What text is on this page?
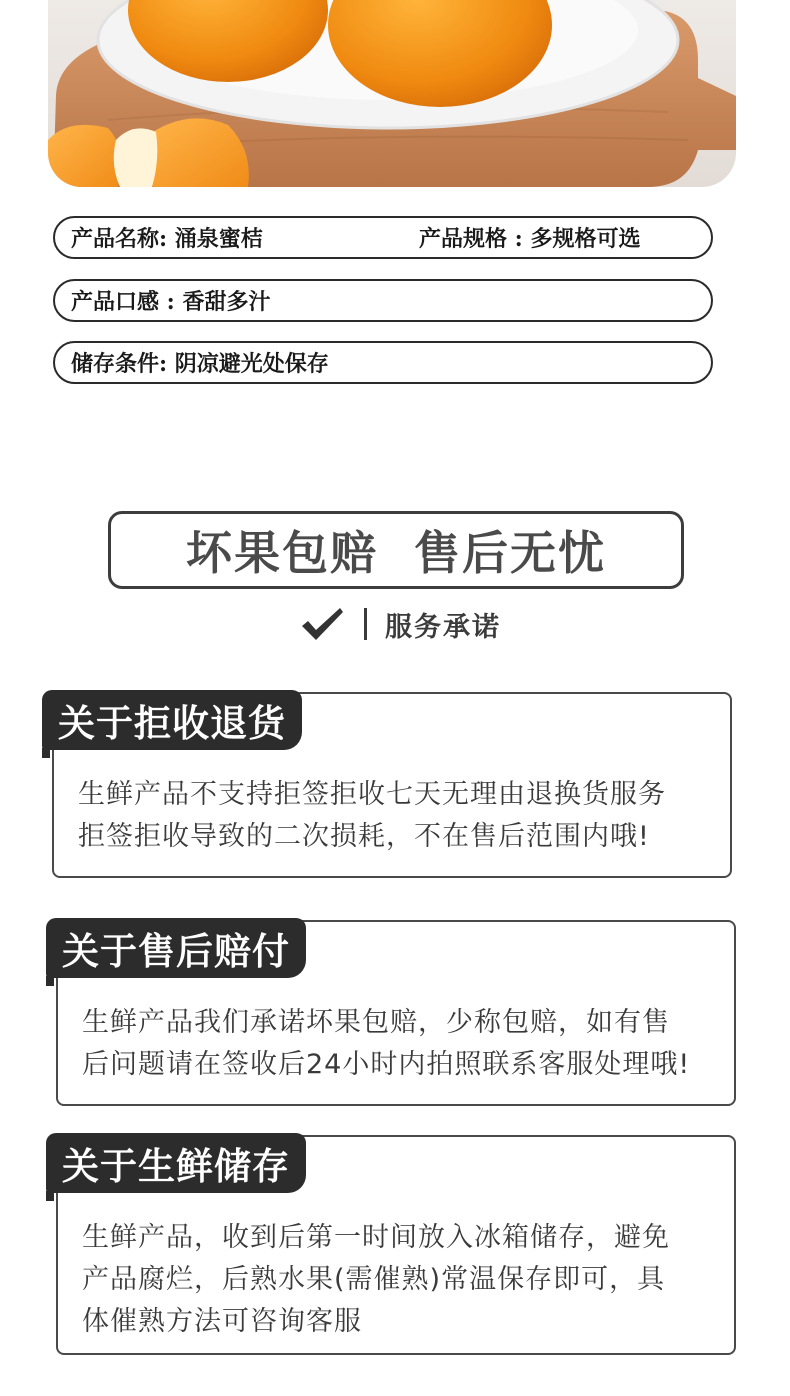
产品名称: 涌泉蜜桔	产品规格 : 多规格可选
产品口感 : 香甜多汁
储存条件: 阴凉避光处保存
坏果包赔  售后无忧
服务承诺
关于拒收退货
生鲜产品不支持拒签拒收七天无理由退换货服务
拒签拒收导致的二次损耗，不在售后范围内哦!
关于售后赔付
生鲜产品我们承诺坏果包赔，少称包赔，如有售
后问题请在签收后24小时内拍照联系客服处理哦!
关于生鲜储存
生鲜产品，收到后第一时间放入冰箱储存，避免
产品腐烂，后熟水果(需催熟)常温保存即可，具
体催熟方法可咨询客服
